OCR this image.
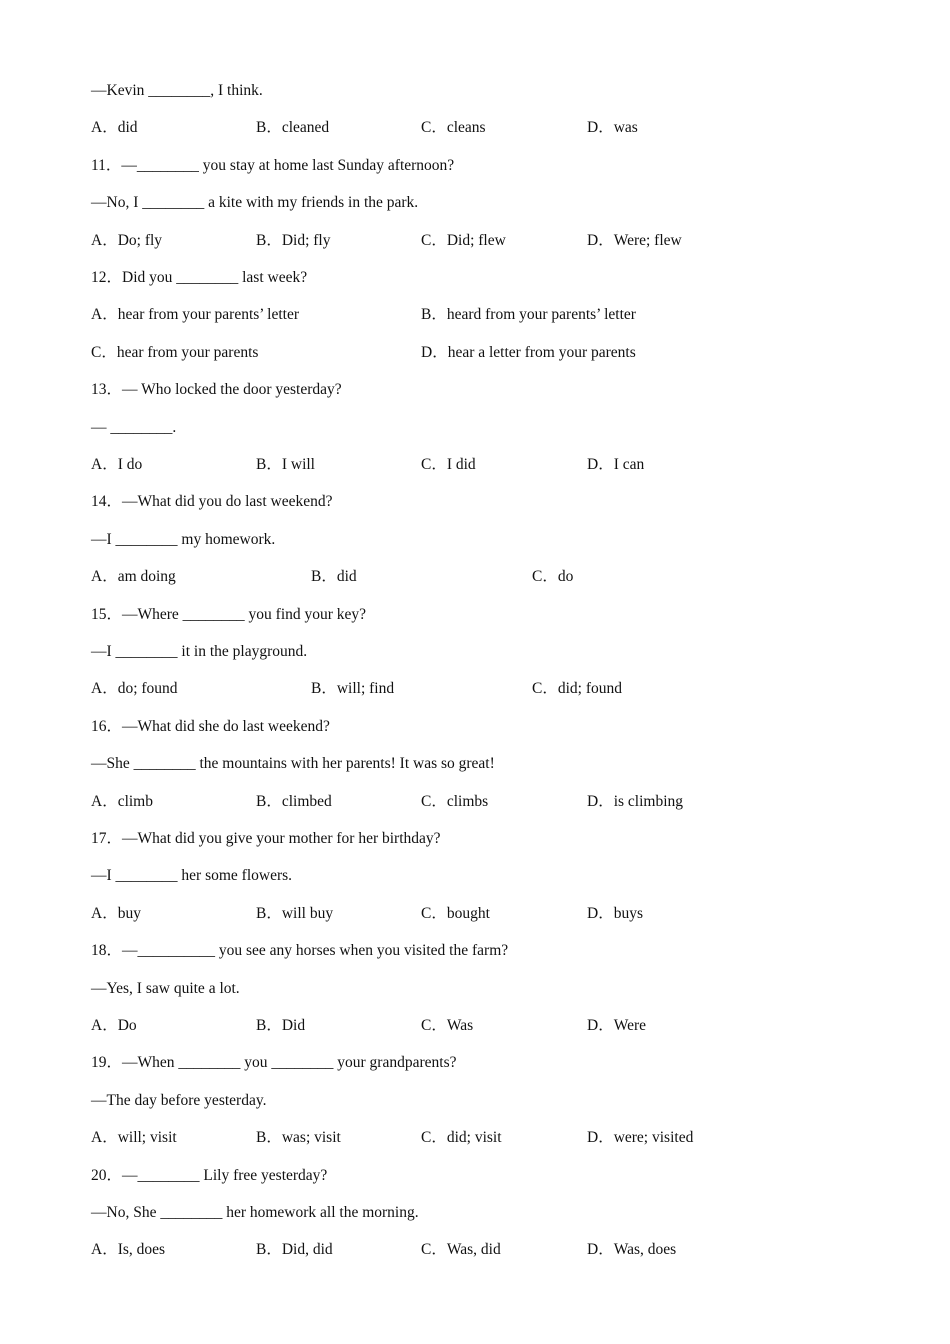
—Kevin ________, I think.
A．did	B．cleaned	C．cleans	D．was
11．—________ you stay at home last Sunday afternoon?
—No, I ________ a kite with my friends in the park.
A．Do; fly	B．Did; fly	C．Did; flew	D．Were; flew
12．Did you ________ last week?
A．hear from your parents’ letter	B．heard from your parents’ letter
C．hear from your parents	D．hear a letter from your parents
13．— Who locked the door yesterday?
— ________.
A．I do	B．I will	C．I did	D．I can
14．—What did you do last weekend?
—I ________ my homework.
A．am doing	B．did	C．do
15．—Where ________ you find your key?
—I ________ it in the playground.
A．do; found	B．will; find	C．did; found
16．—What did she do last weekend?
—She ________ the mountains with her parents! It was so great!
A．climb	B．climbed	C．climbs	D．is climbing
17．—What did you give your mother for her birthday?
—I ________ her some flowers.
A．buy	B．will buy	C．bought	D．buys
18．—__________ you see any horses when you visited the farm?
—Yes, I saw quite a lot.
A．Do	B．Did	C．Was	D．Were
19．—When ________ you ________ your grandparents?
—The day before yesterday.
A．will; visit	B．was; visit	C．did; visit	D．were; visited
20．—________ Lily free yesterday?
—No, She ________ her homework all the morning.
A．Is, does	B．Did, did	C．Was, did	D．Was, does
